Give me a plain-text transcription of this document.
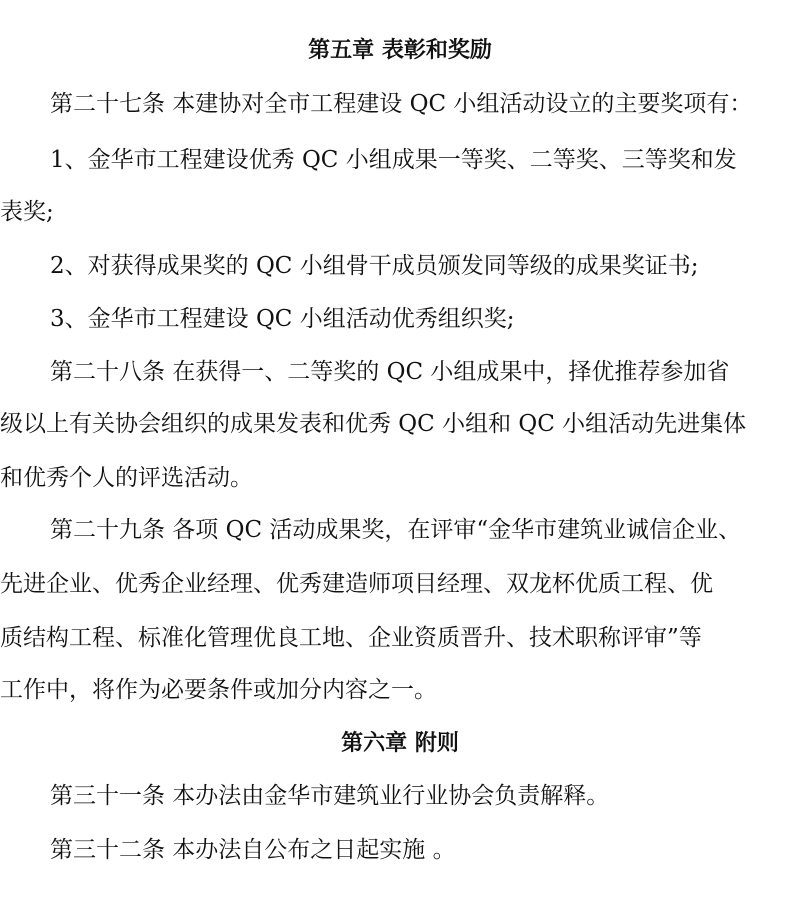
第五章 表彰和奖励

第二十七条 本建协对全市工程建设 QC 小组活动设立的主要奖项有：

1、金华市工程建设优秀 QC 小组成果一等奖、二等奖、三等奖和发

表奖;

2、对获得成果奖的 QC 小组骨干成员颁发同等级的成果奖证书;

3、金华市工程建设 QC 小组活动优秀组织奖;

第二十八条 在获得一、二等奖的 QC 小组成果中，择优推荐参加省

级以上有关协会组织的成果发表和优秀 QC 小组和 QC 小组活动先进集体

和优秀个人的评选活动。

第二十九条 各项 QC 活动成果奖，在评审“金华市建筑业诚信企业、

先进企业、优秀企业经理、优秀建造师项目经理、双龙杯优质工程、优

质结构工程、标准化管理优良工地、企业资质晋升、技术职称评审”等

工作中，将作为必要条件或加分内容之一。

第六章 附则

第三十一条 本办法由金华市建筑业行业协会负责解释。

第三十二条 本办法自公布之日起实施 。
